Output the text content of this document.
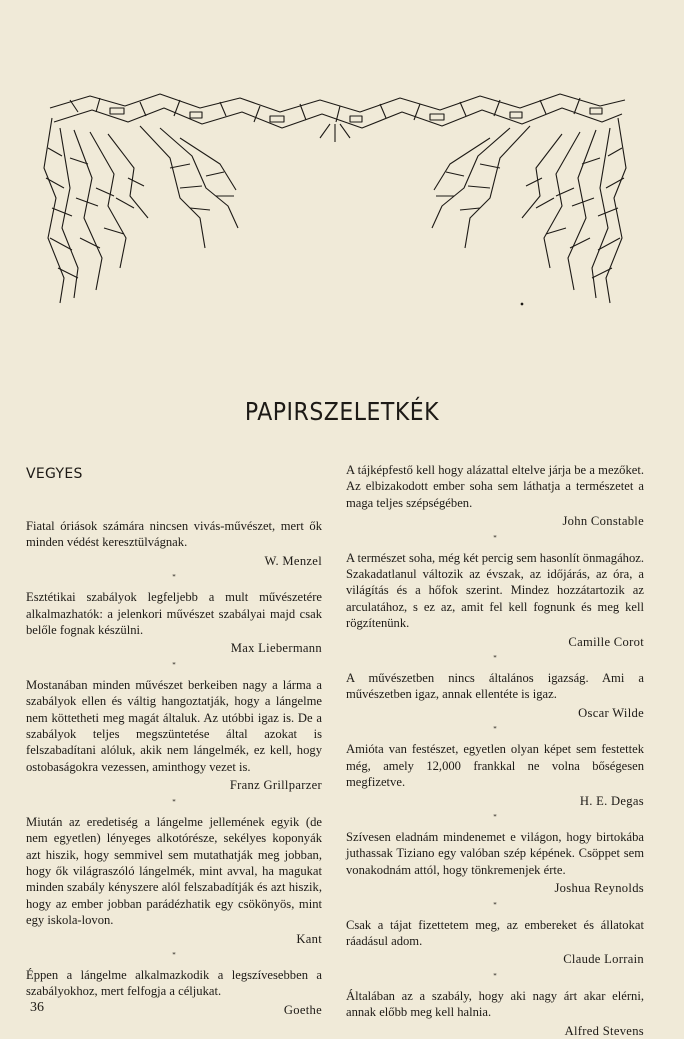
PAPIRSZELETKÉK
VEGYES

Fiatal óriások számára nincsen vivás-művészet, mert ők minden védést keresztülvágnak.

W. Menzel

*

Esztétikai szabályok legfeljebb a mult művészetére alkalmazhatók: a jelenkori művészet szabályai majd csak belőle fognak készülni.

Max Liebermann

*

Mostanában minden művészet berkeiben nagy a lárma a szabályok ellen és váltig hangoztatják, hogy a lángelme nem köttetheti meg magát általuk. Az utóbbi igaz is. De a szabályok teljes megszüntetése által azokat is felszabadítani alóluk, akik nem lángelmék, ez kell, hogy ostobaságokra vezessen, aminthogy vezet is.

Franz Grillparzer

*

Miután az eredetiség a lángelme jellemének egyik (de nem egyetlen) lényeges alkotórésze, sekélyes koponyák azt hiszik, hogy semmivel sem mutathatják meg jobban, hogy ők világraszóló lángelmék, mint avval, ha magukat minden szabály kényszere alól felszabadítják és azt hiszik, hogy az ember jobban parádézhatik egy csökönyös, mint egy iskola-lovon.

Kant

*

Éppen a lángelme alkalmazkodik a legszívesebben a szabályokhoz, mert felfogja a céljukat.

Goethe

A tájképfestő kell hogy alázattal eltelve járja be a mezőket. Az elbizakodott ember soha sem láthatja a természetet a maga teljes szépségében.

John Constable

*

A természet soha, még két percig sem hasonlít önmagához. Szakadatlanul változik az évszak, az időjárás, az óra, a világítás és a hőfok szerint. Mindez hozzátartozik az arculatához, s ez az, amit fel kell fognunk és meg kell rögzítenünk.

Camille Corot

*

A művészetben nincs általános igazság. Ami a művészetben igaz, annak ellentéte is igaz.

Oscar Wilde

*

Amióta van festészet, egyetlen olyan képet sem festettek még, amely 12,000 frankkal ne volna bőségesen megfizetve.

H. E. Degas

*

Szívesen eladnám mindenemet e világon, hogy birtokába juthassak Tiziano egy valóban szép képének. Csöppet sem vonakodnám attól, hogy tönkremenjek érte.

Joshua Reynolds

*

Csak a tájat fizettetem meg, az embereket és állatokat ráadásul adom.

Claude Lorrain

*

Általában az a szabály, hogy aki nagy árt akar elérni, annak előbb meg kell halnia.

Alfred Stevens

36
